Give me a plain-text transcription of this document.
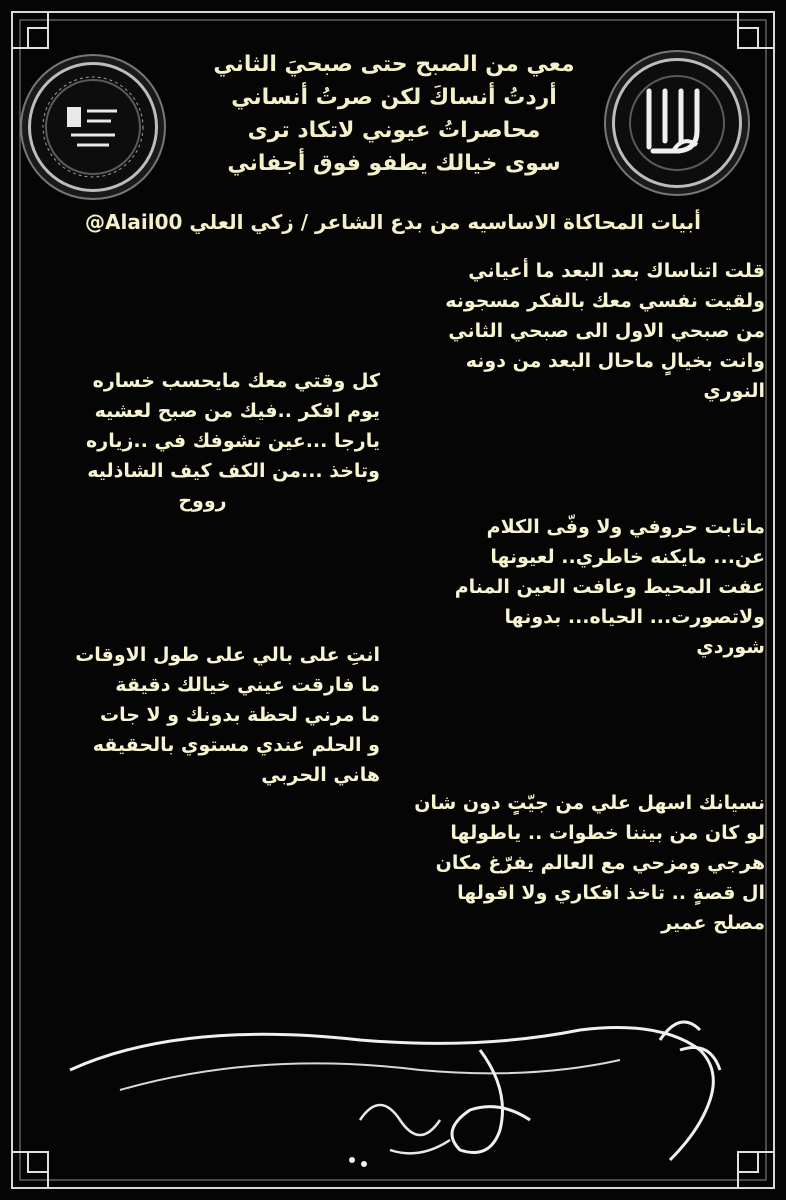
معي من الصبح حتى صبحيَ الثاني
أردتُ أنساكَ لكن صرتُ أنساني
محاصراتُ عيوني لاتكاد ترى
سوى خيالك يطفو فوق أجفاني
أبيات المحاكاة الاساسيه من بدع الشاعر / زكي العلي Alail00@
قلت اتناساك بعد البعد ما أعياني
ولقيت نفسي معك بالفكر مسجونه
من صبحي الاول الى صبحي الثاني
وانت بخيالٍ ماحال البعد من دونه
النوري
كل وقتي معك مايحسب خساره
يوم افكر ..فيك من صبح لعشيه
يارجا ...عين تشوفك في ..زياره
وتاخذ ...من الكف كيف الشاذليه
رووح
ماتابت حروفي ولا وفّى الكلام
عن... مايكنه خاطري.. لعيونها
عفت المحيط وعافت العين المنام
ولاتصورت... الحياه... بدونها
شوردي
انتِ على بالي على طول الاوقات
ما فارقت عيني خيالك دقيقة
ما مرني لحظة بدونك و لا جات
و الحلم عندي مستوي بالحقيقه
هاني الحربي
نسيانك اسهل علي من جيّتٍ دون شان
لو كان من بيننا خطوات .. ياطولها
هرجي ومزحي مع العالم يفرّغ مكان
ال قصةٍ .. تاخذ افكاري ولا اقولها
مصلح عمير
